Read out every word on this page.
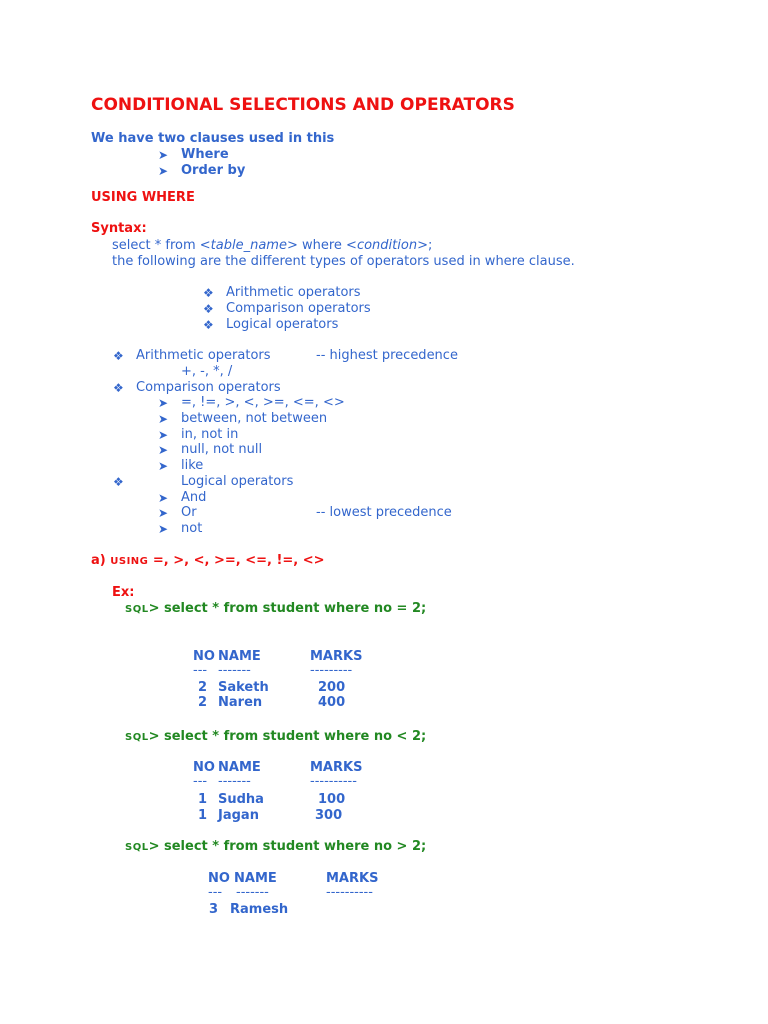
CONDITIONAL SELECTIONS AND OPERATORS
We have two clauses used in this
➤ Where
➤ Order by
USING WHERE
Syntax:
select * from <table_name> where <condition>;
the following are the different types of operators used in where clause.
❖ Arithmetic operators
❖ Comparison operators
❖ Logical operators
❖ Arithmetic operators	-- highest precedence
+, -, *, /
❖ Comparison operators
➤ =, !=, >, <, >=, <=, <>
➤ between, not between
➤ in, not in
➤ null, not null
➤ like
❖	Logical operators
➤ And
➤ Or	-- lowest precedence
➤ not
a) USING =, >, <, >=, <=, !=, <>
Ex:
SQL> select * from student where no = 2;
NO NAME	MARKS
--- -------	---------
2 Saketh	200
2 Naren	400
SQL> select * from student where no < 2;
NO NAME	MARKS
--- -------	----------
1 Sudha	100
1 Jagan	300
SQL> select * from student where no > 2;
NO NAME	MARKS
--- -------	----------
3 Ramesh
